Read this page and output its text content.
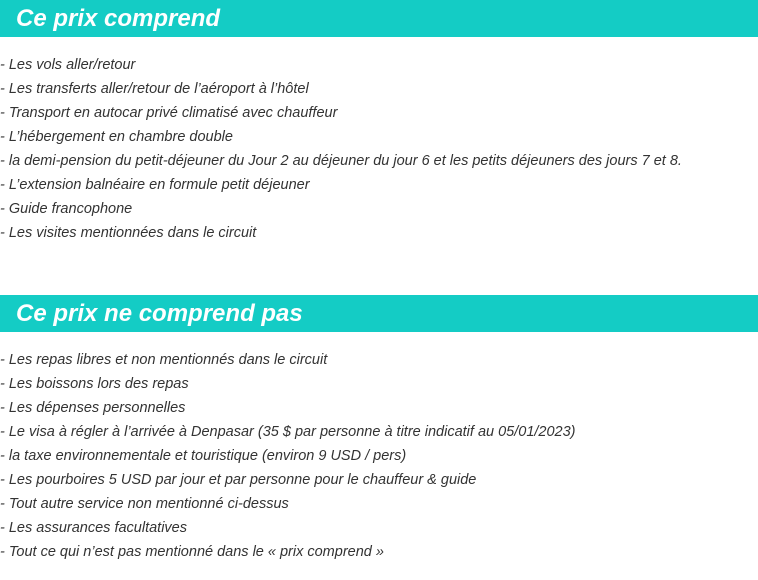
Ce prix comprend
- Les vols aller/retour
- Les transferts aller/retour de l’aéroport à l’hôtel
- Transport en autocar privé climatisé avec chauffeur
- L’hébergement en chambre double
- la demi-pension du petit-déjeuner du Jour 2 au déjeuner du jour 6 et les petits déjeuners des jours 7 et 8.
- L’extension balnéaire en formule petit déjeuner
- Guide francophone
- Les visites mentionnées dans le circuit
Ce prix ne comprend pas
- Les repas libres et non mentionnés dans le circuit
- Les boissons lors des repas
- Les dépenses personnelles
- Le visa à régler à l’arrivée à Denpasar (35 $ par personne à titre indicatif au 05/01/2023)
- la taxe environnementale et touristique (environ 9 USD / pers)
- Les pourboires 5 USD par jour et par personne pour le chauffeur & guide
- Tout autre service non mentionné ci-dessus
- Les assurances facultatives
- Tout ce qui n’est pas mentionné dans le « prix comprend »
